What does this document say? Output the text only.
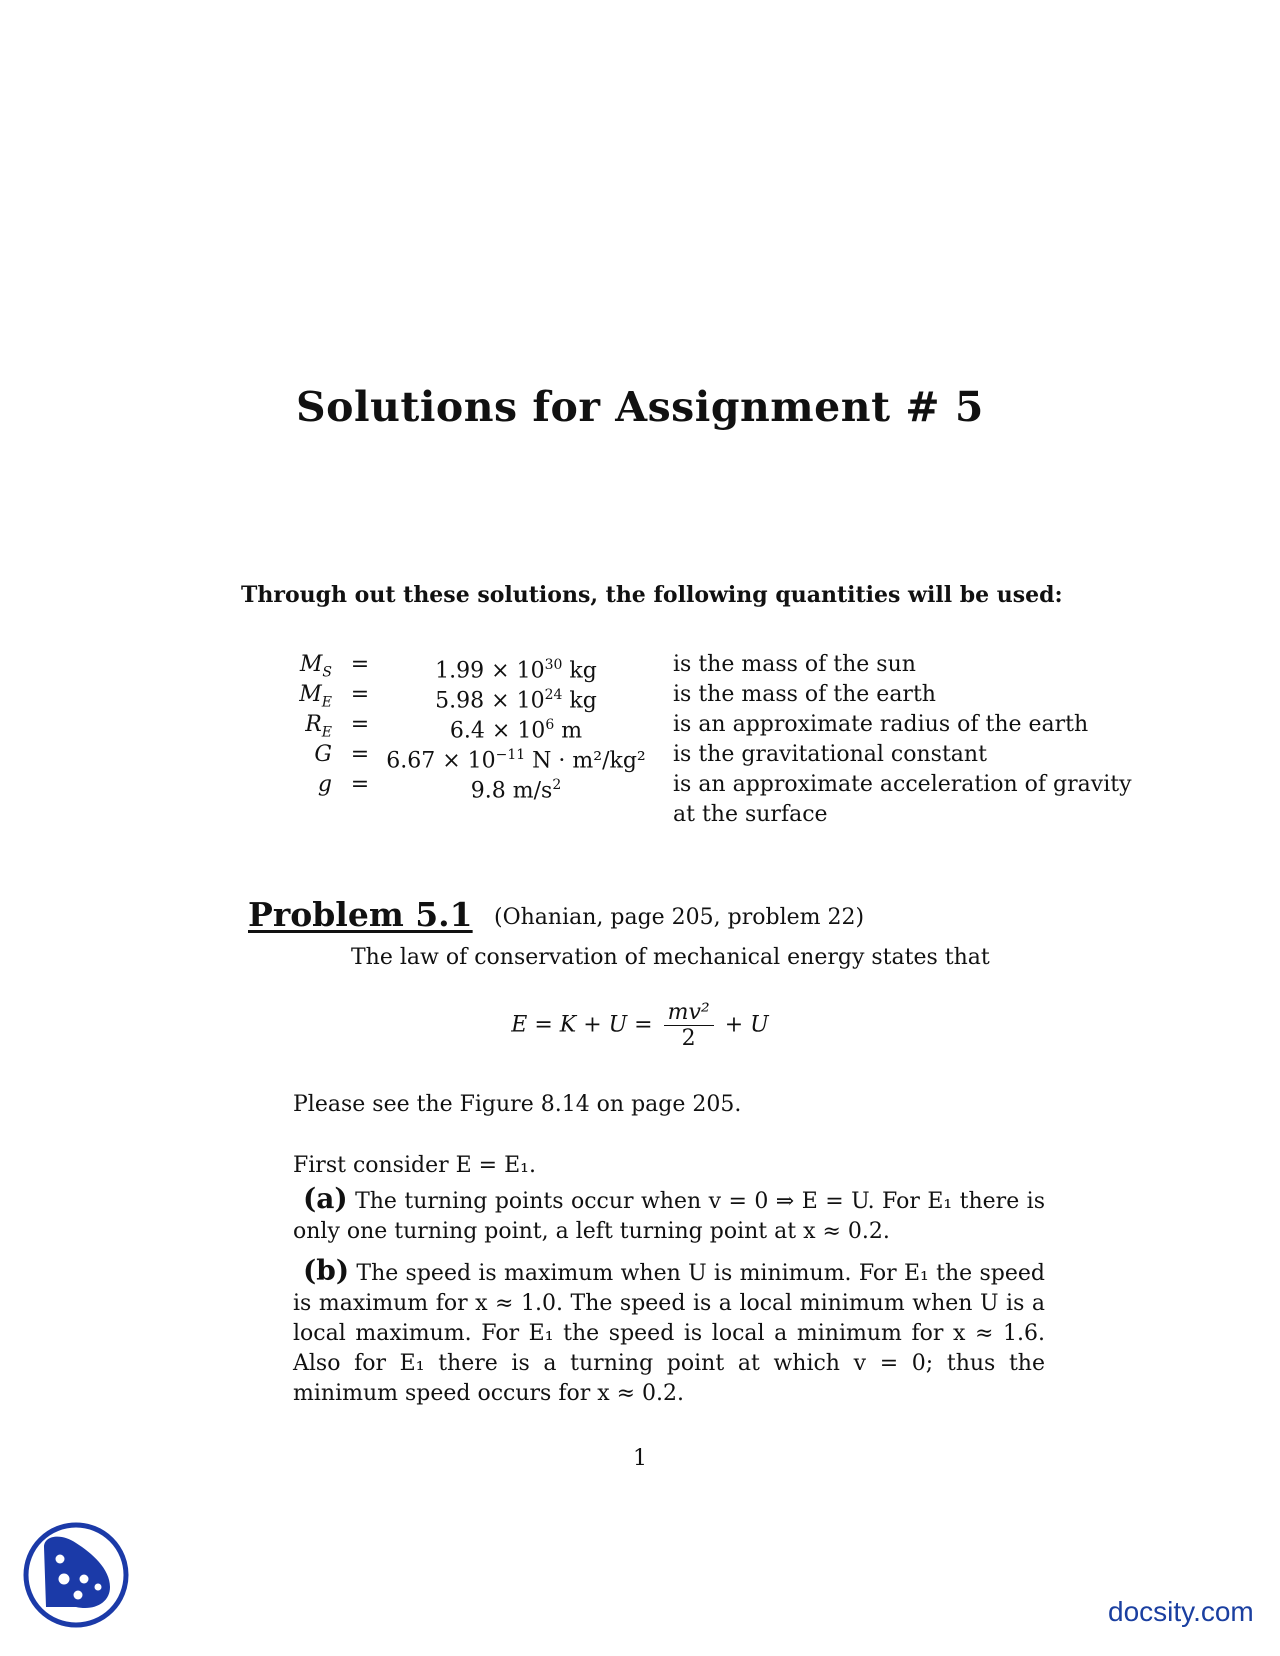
Solutions for Assignment # 5
Through out these solutions, the following quantities will be used:
$M_S$ =	$1.99 \times 10^{30}$ kg	is the mass of the sun
$M_E$ =	$5.98 \times 10^{24}$ kg	is the mass of the earth
$R_E$ =	$6.4 \times 10^6$ m	is an approximate radius of the earth
$G = 6.67 \times 10^{-11}$ N · m²/kg² is the gravitational constant
g =	9.8 $m/s^2$	is an approximate acceleration of gravity
at the surface
Problem 5.1 (Ohanian, page 205, problem 22)
The law of conservation of mechanical energy states that
$E = K + U = \frac{\text{mv²}}{2} + U$
Please see the Figure 8.14 on page 205.
First consider E = E₁.
(a) The turning points occur when v = 0 ⇒ E = U. For E₁ there is only one turning point, a left turning point at x ≈ 0.2.
(b) The speed is maximum when U is minimum. For E₁ the speed is maximum for x ≈ 1.0. The speed is a local minimum when U is a local maximum. For E₁ the speed is local a minimum for x ≈ 1.6. Also for E₁ there is a turning point at which v = 0; thus the minimum speed occurs for x ≈ 0.2.
1
docsity.com
